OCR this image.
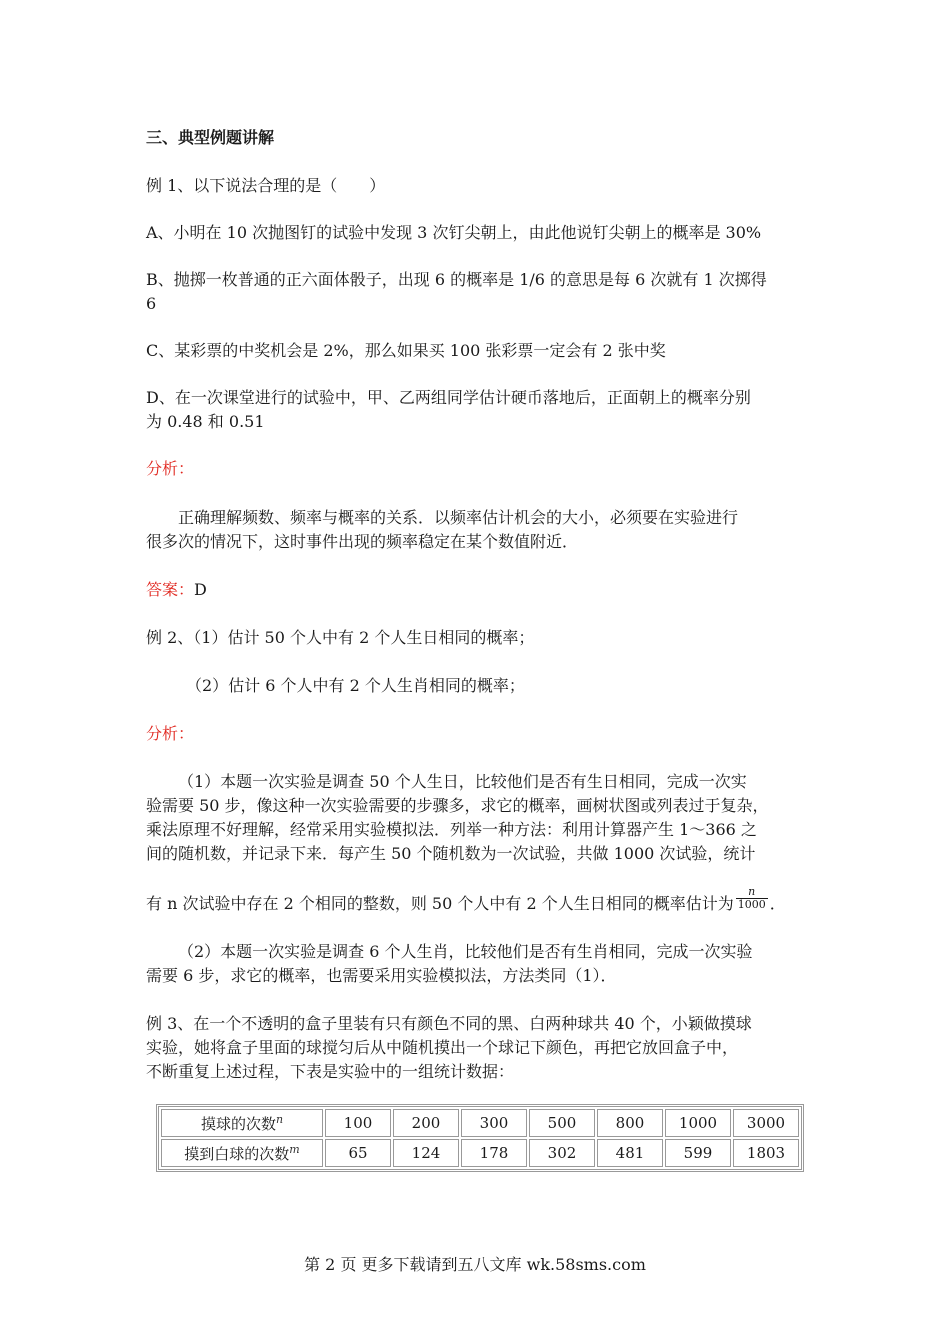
三、典型例题讲解
例 1、以下说法合理的是（　　）
A、小明在 10 次抛图钉的试验中发现 3 次钉尖朝上，由此他说钉尖朝上的概率是 30%
B、抛掷一枚普通的正六面体骰子，出现 6 的概率是 1/6 的意思是每 6 次就有 1 次掷得
6
C、某彩票的中奖机会是 2%，那么如果买 100 张彩票一定会有 2 张中奖
D、在一次课堂进行的试验中，甲、乙两组同学估计硬币落地后，正面朝上的概率分别
为 0.48 和 0.51
分析：
正确理解频数、频率与概率的关系．以频率估计机会的大小，必须要在实验进行
很多次的情况下，这时事件出现的频率稳定在某个数值附近．
答案：D
例 2、（1）估计 50 个人中有 2 个人生日相同的概率；
（2）估计 6 个人中有 2 个人生肖相同的概率；
分析：
（1）本题一次实验是调查 50 个人生日，比较他们是否有生日相同，完成一次实
验需要 50 步，像这种一次实验需要的步骤多，求它的概率，画树状图或列表过于复杂，
乘法原理不好理解，经常采用实验模拟法．列举一种方法：利用计算器产生 1～366 之
间的随机数，并记录下来．每产生 50 个随机数为一次试验，共做 1000 次试验，统计
有 n 次试验中存在 2 个相同的整数，则 50 个人中有 2 个人生日相同的概率估计为 $\frac{n}{1000}$ ．
（2）本题一次实验是调查 6 个人生肖，比较他们是否有生肖相同，完成一次实验
需要 6 步，求它的概率，也需要采用实验模拟法，方法类同（1）．
例 3、在一个不透明的盒子里装有只有颜色不同的黑、白两种球共 40 个，小颖做摸球
实验，她将盒子里面的球搅匀后从中随机摸出一个球记下颜色，再把它放回盒子中，
不断重复上述过程，下表是实验中的一组统计数据：
摸球的次数$^n$	100	200	300	500	800	1000	3000
摸到白球的次数$^m$	65	124	178	302	481	599	1803
第 2 页 更多下载请到五八文库 wk.58sms.com
